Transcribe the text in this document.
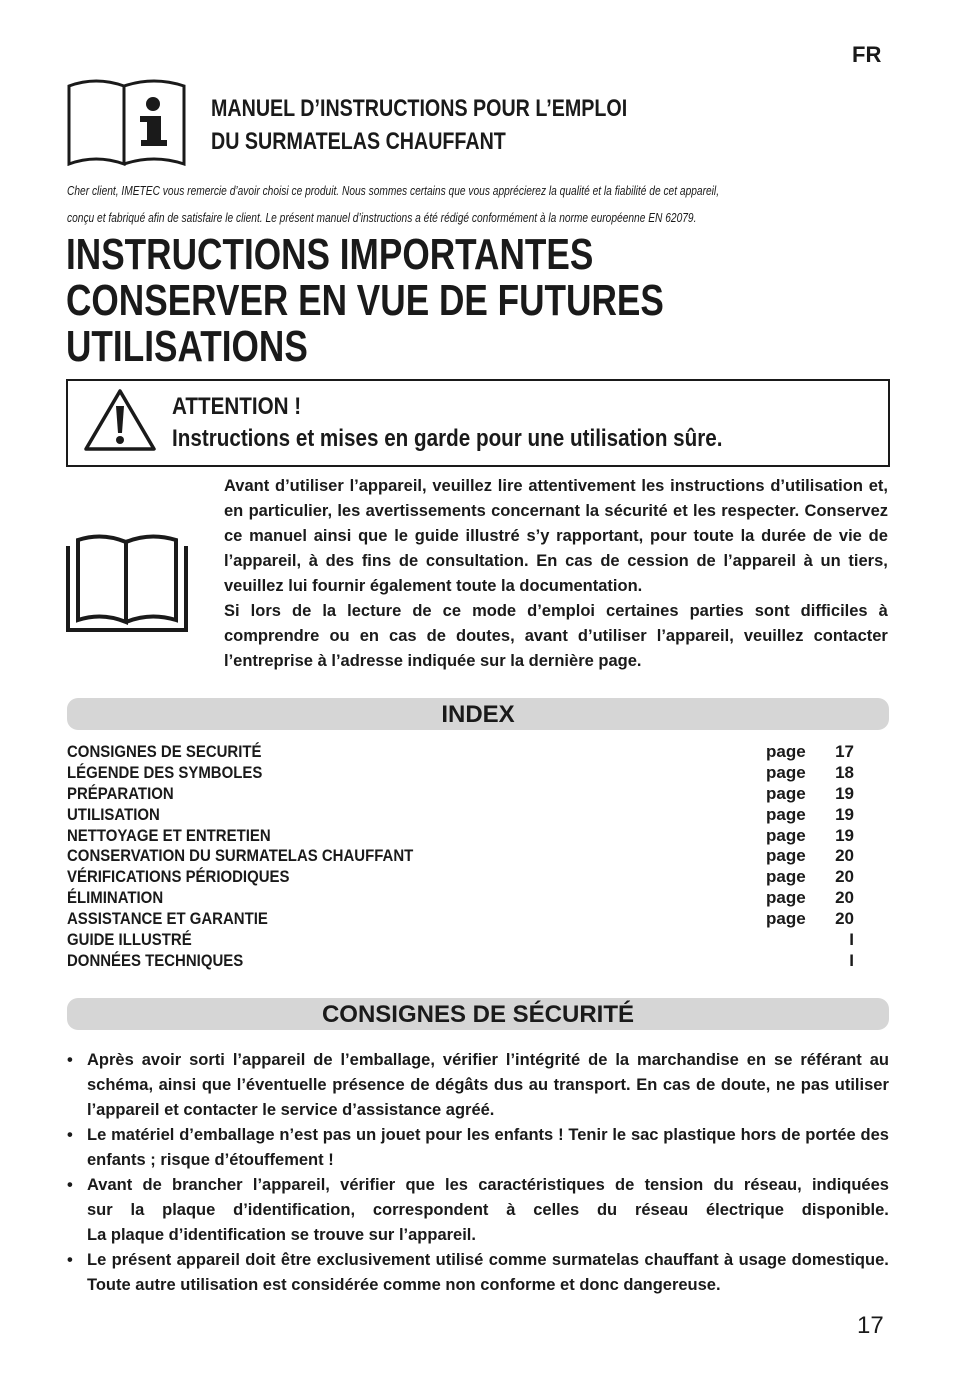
FR
MANUEL D’INSTRUCTIONS POUR L’EMPLOI
DU SURMATELAS CHAUFFANT
Cher client, IMETEC vous remercie d’avoir choisi ce produit. Nous sommes certains que vous apprécierez la qualité et la fiabilité de cet appareil,
conçu et fabriqué afin de satisfaire le client. Le présent manuel d’instructions a été rédigé conformément à la norme européenne EN 62079.
INSTRUCTIONS IMPORTANTES
CONSERVER EN VUE DE FUTURES
UTILISATIONS
ATTENTION !
Instructions et mises en garde pour une utilisation sûre.
Avant d’utiliser l’appareil, veuillez lire attentivement les instructions d’utilisation et,
en particulier, les avertissements concernant la sécurité et les respecter. Conservez
ce manuel ainsi que le guide illustré s’y rapportant, pour toute la durée de vie de
l’appareil, à des fins de consultation. En cas de cession de l’appareil à un tiers,
veuillez lui fournir également toute la documentation.
Si lors de la lecture de ce mode d’emploi certaines parties sont difficiles à
comprendre ou en cas de doutes, avant d’utiliser l’appareil, veuillez contacter
l’entreprise à l’adresse indiquée sur la dernière page.
INDEX
CONSIGNES DE SECURITÉ	page 17
LÉGENDE DES SYMBOLES	page 18
PRÉPARATION	page 19
UTILISATION	page 19
NETTOYAGE ET ENTRETIEN	page 19
CONSERVATION DU SURMATELAS CHAUFFANT	page 20
VÉRIFICATIONS PÉRIODIQUES	page 20
ÉLIMINATION	page 20
ASSISTANCE ET GARANTIE	page 20
GUIDE ILLUSTRÉ	I
DONNÉES TECHNIQUES	I
CONSIGNES DE SÉCURITÉ
• Après avoir sorti l’appareil de l’emballage, vérifier l’intégrité de la marchandise en se référant au
schéma, ainsi que l’éventuelle présence de dégâts dus au transport. En cas de doute, ne pas utiliser
l’appareil et contacter le service d’assistance agréé.
• Le matériel d’emballage n’est pas un jouet pour les enfants ! Tenir le sac plastique hors de portée des
enfants ; risque d’étouffement !
• Avant de brancher l’appareil, vérifier que les caractéristiques de tension du réseau, indiquées
sur la plaque d’identification, correspondent à celles du réseau électrique disponible.
La plaque d’identification se trouve sur l’appareil.
• Le présent appareil doit être exclusivement utilisé comme surmatelas chauffant à usage domestique.
Toute autre utilisation est considérée comme non conforme et donc dangereuse.
17
